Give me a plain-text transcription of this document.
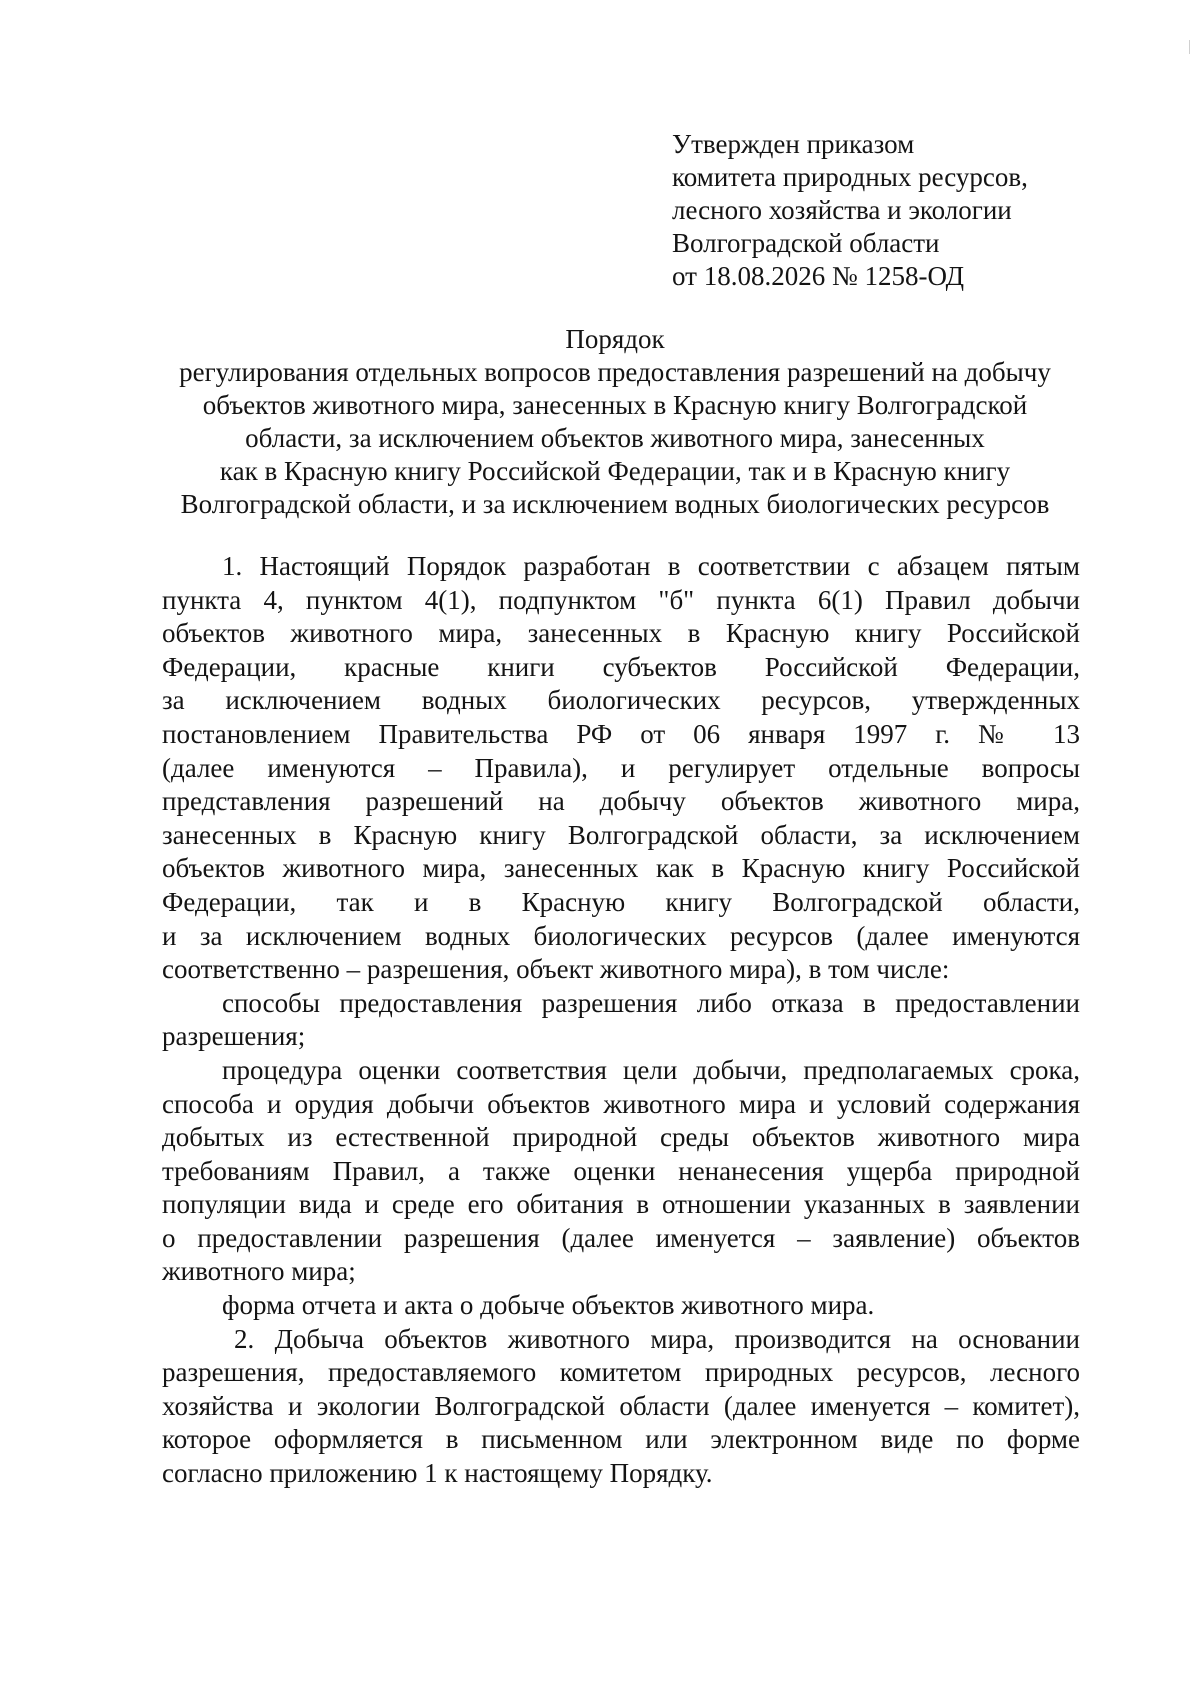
Утвержден приказом
комитета природных ресурсов,
лесного хозяйства и экологии
Волгоградской области
от 18.08.2026 № 1258-ОД
Порядок
регулирования отдельных вопросов предоставления разрешений на добычу
объектов животного мира, занесенных в Красную книгу Волгоградской
области, за исключением объектов животного мира, занесенных
как в Красную книгу Российской Федерации, так и в Красную книгу
Волгоградской области, и за исключением водных биологических ресурсов
1. Настоящий Порядок разработан в соответствии с абзацем пятым
пункта 4, пунктом 4(1), подпунктом "б" пункта 6(1) Правил добычи
объектов животного мира, занесенных в Красную книгу Российской
Федерации, красные книги субъектов Российской Федерации,
за исключением водных биологических ресурсов, утвержденных
постановлением Правительства РФ от 06 января 1997 г. № 13
(далее именуются – Правила), и регулирует отдельные вопросы
представления разрешений на добычу объектов животного мира,
занесенных в Красную книгу Волгоградской области, за исключением
объектов животного мира, занесенных как в Красную книгу Российской
Федерации, так и в Красную книгу Волгоградской области,
и за исключением водных биологических ресурсов (далее именуются
соответственно – разрешения, объект животного мира), в том числе:
способы предоставления разрешения либо отказа в предоставлении
разрешения;
процедура оценки соответствия цели добычи, предполагаемых срока,
способа и орудия добычи объектов животного мира и условий содержания
добытых из естественной природной среды объектов животного мира
требованиям Правил, а также оценки ненанесения ущерба природной
популяции вида и среде его обитания в отношении указанных в заявлении
о предоставлении разрешения (далее именуется – заявление) объектов
животного мира;
форма отчета и акта о добыче объектов животного мира.
2. Добыча объектов животного мира, производится на основании
разрешения, предоставляемого комитетом природных ресурсов, лесного
хозяйства и экологии Волгоградской области (далее именуется – комитет),
которое оформляется в письменном или электронном виде по форме
согласно приложению 1 к настоящему Порядку.
